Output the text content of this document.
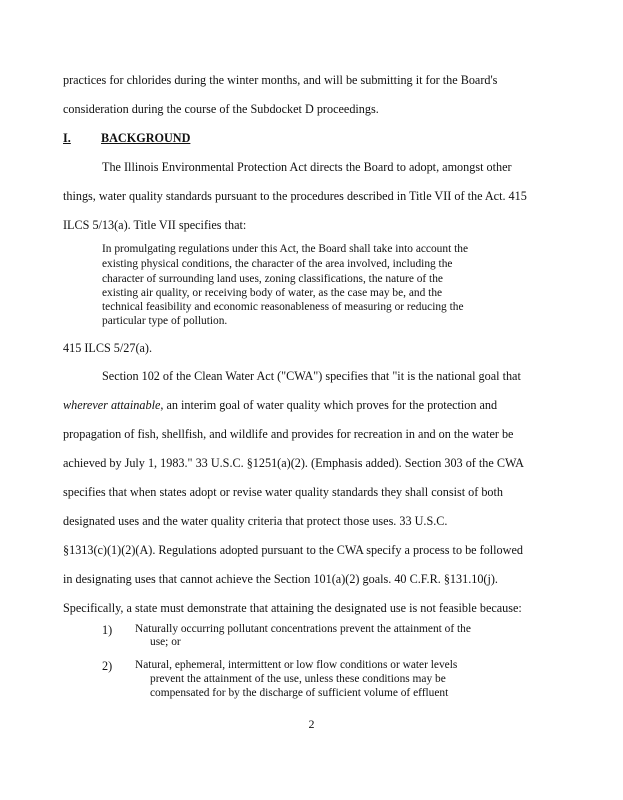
practices for chlorides during the winter months, and will be submitting it for the Board's
consideration during the course of the Subdocket D proceedings.
I. BACKGROUND
The Illinois Environmental Protection Act directs the Board to adopt, amongst other
things, water quality standards pursuant to the procedures described in Title VII of the Act. 415
ILCS 5/13(a). Title VII specifies that:
In promulgating regulations under this Act, the Board shall take into account the
existing physical conditions, the character of the area involved, including the
character of surrounding land uses, zoning classifications, the nature of the
existing air quality, or receiving body of water, as the case may be, and the
technical feasibility and economic reasonableness of measuring or reducing the
particular type of pollution.
415 ILCS 5/27(a).
Section 102 of the Clean Water Act ("CWA") specifies that "it is the national goal that
wherever attainable, an interim goal of water quality which proves for the protection and
propagation of fish, shellfish, and wildlife and provides for recreation in and on the water be
achieved by July 1, 1983." 33 U.S.C. §1251(a)(2). (Emphasis added). Section 303 of the CWA
specifies that when states adopt or revise water quality standards they shall consist of both
designated uses and the water quality criteria that protect those uses. 33 U.S.C.
§1313(c)(1)(2)(A). Regulations adopted pursuant to the CWA specify a process to be followed
in designating uses that cannot achieve the Section 101(a)(2) goals. 40 C.F.R. §131.10(j).
Specifically, a state must demonstrate that attaining the designated use is not feasible because:
1) Naturally occurring pollutant concentrations prevent the attainment of the
use; or
2) Natural, ephemeral, intermittent or low flow conditions or water levels
prevent the attainment of the use, unless these conditions may be
compensated for by the discharge of sufficient volume of effluent
2
